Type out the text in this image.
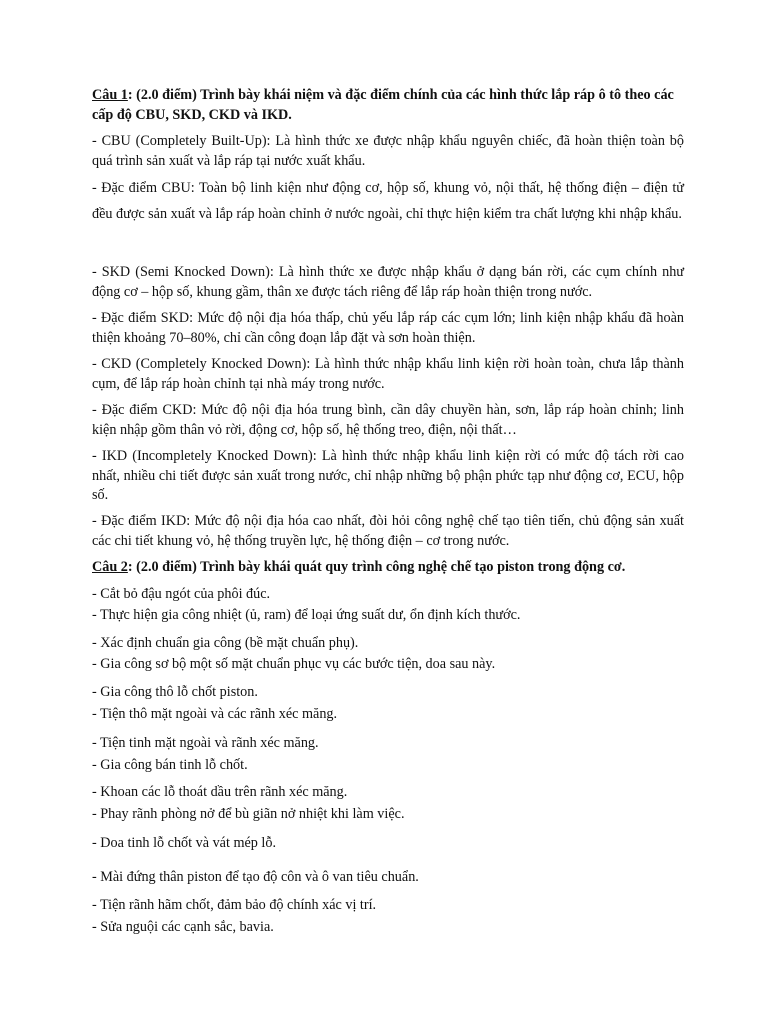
Câu 1: (2.0 điểm) Trình bày khái niệm và đặc điểm chính của các hình thức lắp ráp ô tô theo các cấp độ CBU, SKD, CKD và IKD.

- CBU (Completely Built-Up): Là hình thức xe được nhập khẩu nguyên chiếc, đã hoàn thiện toàn bộ quá trình sản xuất và lắp ráp tại nước xuất khẩu.

- Đặc điểm CBU: Toàn bộ linh kiện như động cơ, hộp số, khung vỏ, nội thất, hệ thống điện – điện tử đều được sản xuất và lắp ráp hoàn chỉnh ở nước ngoài, chỉ thực hiện kiểm tra chất lượng khi nhập khẩu.

- SKD (Semi Knocked Down): Là hình thức xe được nhập khẩu ở dạng bán rời, các cụm chính như động cơ – hộp số, khung gầm, thân xe được tách riêng để lắp ráp hoàn thiện trong nước.

- Đặc điểm SKD: Mức độ nội địa hóa thấp, chủ yếu lắp ráp các cụm lớn; linh kiện nhập khẩu đã hoàn thiện khoảng 70–80%, chỉ cần công đoạn lắp đặt và sơn hoàn thiện.

- CKD (Completely Knocked Down): Là hình thức nhập khẩu linh kiện rời hoàn toàn, chưa lắp thành cụm, để lắp ráp hoàn chỉnh tại nhà máy trong nước.

- Đặc điểm CKD: Mức độ nội địa hóa trung bình, cần dây chuyền hàn, sơn, lắp ráp hoàn chỉnh; linh kiện nhập gồm thân vỏ rời, động cơ, hộp số, hệ thống treo, điện, nội thất…

- IKD (Incompletely Knocked Down): Là hình thức nhập khẩu linh kiện rời có mức độ tách rời cao nhất, nhiều chi tiết được sản xuất trong nước, chỉ nhập những bộ phận phức tạp như động cơ, ECU, hộp số.

- Đặc điểm IKD: Mức độ nội địa hóa cao nhất, đòi hỏi công nghệ chế tạo tiên tiến, chủ động sản xuất các chi tiết khung vỏ, hệ thống truyền lực, hệ thống điện – cơ trong nước.

Câu 2: (2.0 điểm) Trình bày khái quát quy trình công nghệ chế tạo piston trong động cơ.

- Cắt bỏ đậu ngót của phôi đúc.

- Thực hiện gia công nhiệt (ủ, ram) để loại ứng suất dư, ổn định kích thước.

- Xác định chuẩn gia công (bề mặt chuẩn phụ).

- Gia công sơ bộ một số mặt chuẩn phục vụ các bước tiện, doa sau này.

- Gia công thô lỗ chốt piston.

- Tiện thô mặt ngoài và các rãnh xéc măng.

- Tiện tinh mặt ngoài và rãnh xéc măng.

- Gia công bán tinh lỗ chốt.

- Khoan các lỗ thoát dầu trên rãnh xéc măng.

- Phay rãnh phòng nở để bù giãn nở nhiệt khi làm việc.

- Doa tinh lỗ chốt và vát mép lỗ.

- Mài đứng thân piston để tạo độ côn và ô van tiêu chuẩn.

- Tiện rãnh hãm chốt, đảm bảo độ chính xác vị trí.

- Sửa nguội các cạnh sắc, bavia.
